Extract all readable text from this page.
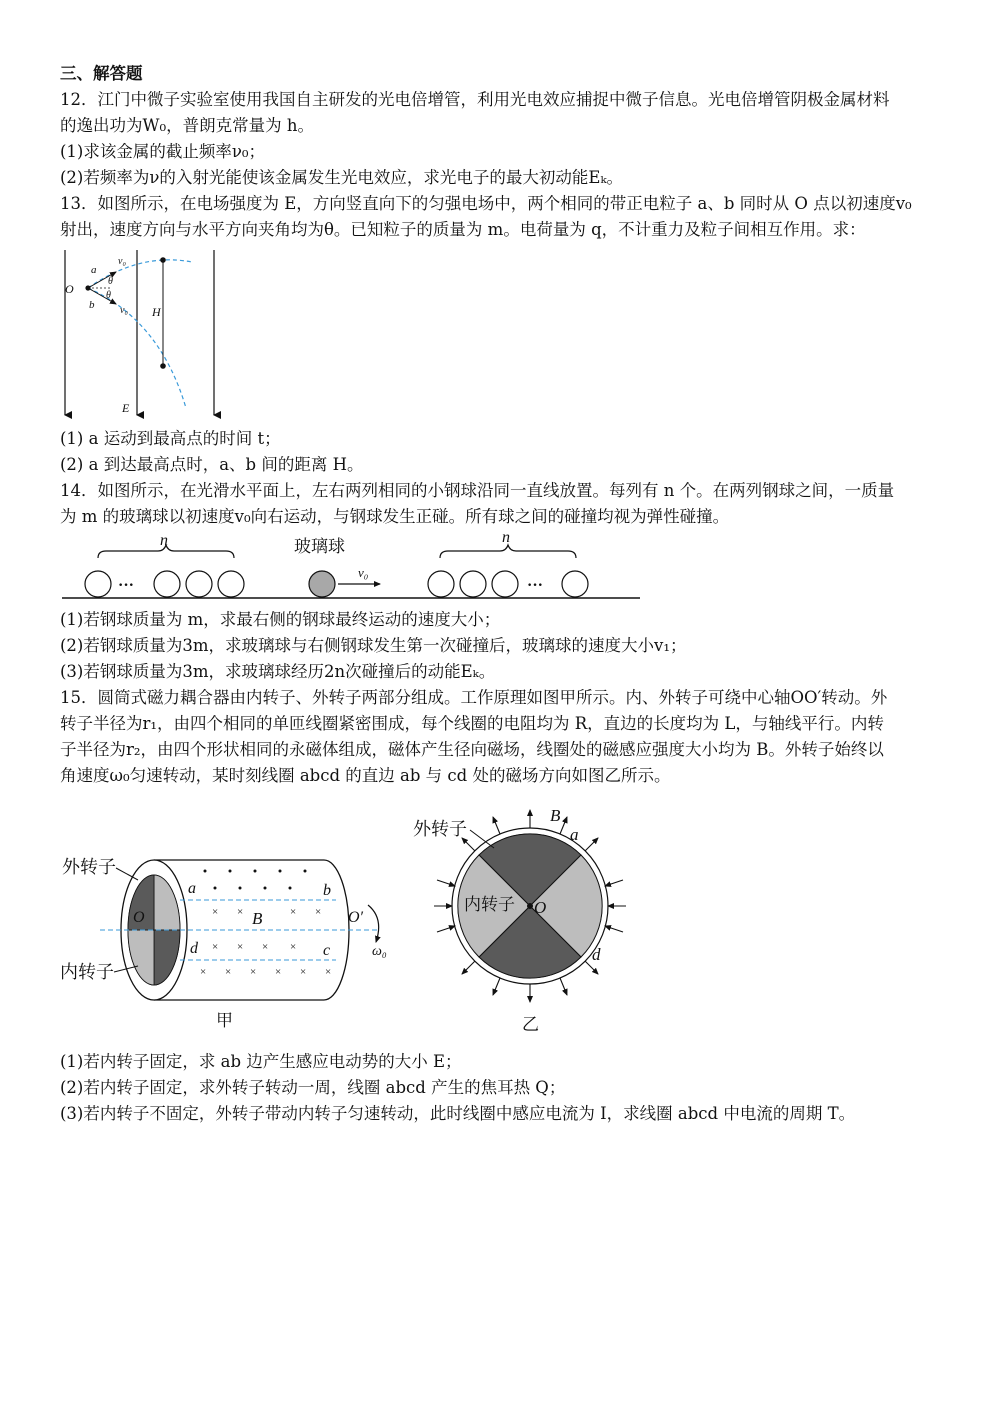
三、解答题
12．江门中微子实验室使用我国自主研发的光电倍增管，利用光电效应捕捉中微子信息。光电倍增管阴极金属材料
的逸出功为W₀，普朗克常量为 h。
(1)求该金属的截止频率ν₀；
(2)若频率为ν的入射光能使该金属发生光电效应，求光电子的最大初动能Eₖ。
13．如图所示，在电场强度为 E，方向竖直向下的匀强电场中，两个相同的带正电粒子 a、b 同时从 O 点以初速度v₀
射出，速度方向与水平方向夹角均为θ。已知粒子的质量为 m。电荷量为 q，不计重力及粒子间相互作用。求：
O
a
b
v₀
v₀
θ
θ
H
E
(1) a 运动到最高点的时间 t；
(2) a 到达最高点时，a、b 间的距离 H。
14．如图所示，在光滑水平面上，左右两列相同的小钢球沿同一直线放置。每列有 n 个。在两列钢球之间，一质量
为 m 的玻璃球以初速度v₀向右运动，与钢球发生正碰。所有球之间的碰撞均视为弹性碰撞。
n	n
···
玻璃球
v₀
···
(1)若钢球质量为 m，求最右侧的钢球最终运动的速度大小；
(2)若钢球质量为3m，求玻璃球与右侧钢球发生第一次碰撞后，玻璃球的速度大小v₁；
(3)若钢球质量为3m，求玻璃球经历2n次碰撞后的动能Eₖ。
15．圆筒式磁力耦合器由内转子、外转子两部分组成。工作原理如图甲所示。内、外转子可绕中心轴OO′转动。外
转子半径为r₁，由四个相同的单匝线圈紧密围成，每个线圈的电阻均为 R，直边的长度均为 L，与轴线平行。内转
子半径为r₂，由四个形状相同的永磁体组成，磁体产生径向磁场，线圈处的磁感应强度大小均为 B。外转子始终以
角速度ω₀匀速转动，某时刻线圈 abcd 的直边 ab 与 cd 处的磁场方向如图乙所示。
× ×	× ×
× × × ×
× × × × × ×
外转子
内转子
O
a	b
d	c
B	O′
ω₀
甲
外转子
内转子 O
B
a
d
乙
(1)若内转子固定，求 ab 边产生感应电动势的大小 E；
(2)若内转子固定，求外转子转动一周，线圈 abcd 产生的焦耳热 Q；
(3)若内转子不固定，外转子带动内转子匀速转动，此时线圈中感应电流为 I，求线圈 abcd 中电流的周期 T。
